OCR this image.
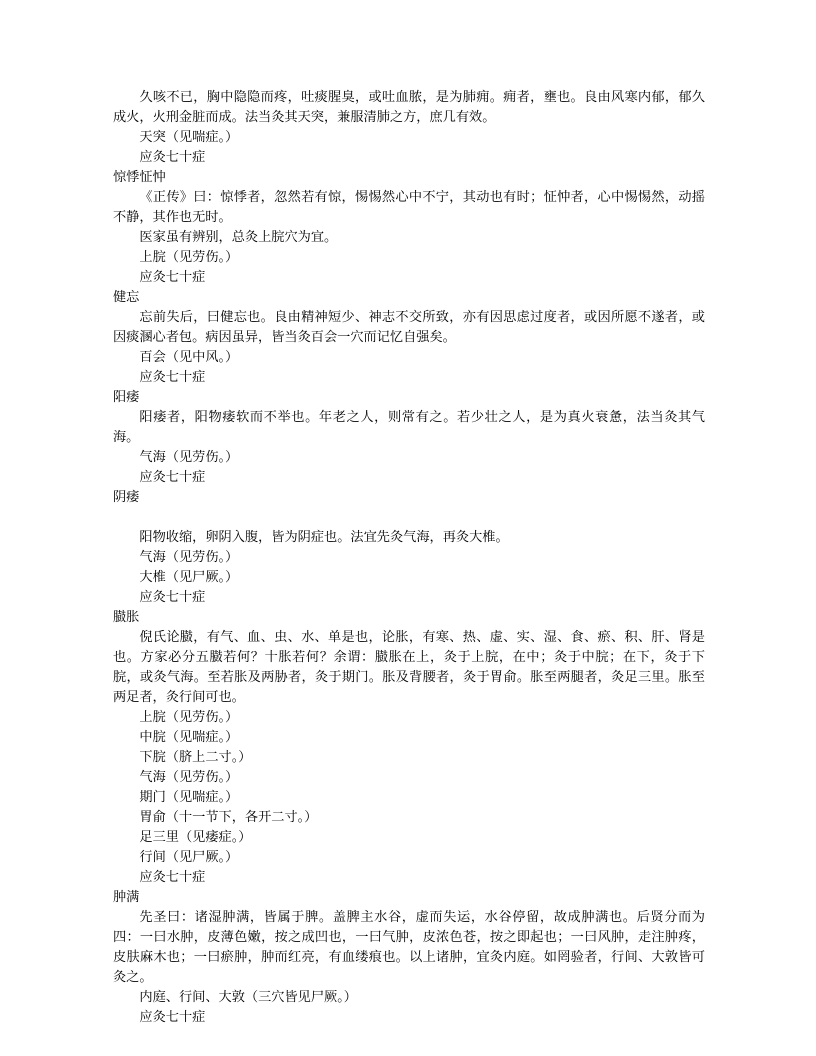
久咳不已，胸中隐隐而疼，吐痰腥臭，或吐血脓，是为肺痈。痈者，壅也。良由风寒内郁，郁久成火，火刑金脏而成。法当灸其天突，兼服清肺之方，庶几有效。
天突（见喘症。）
应灸七十症
惊悸怔忡
《正传》曰：惊悸者，忽然若有惊，惕惕然心中不宁，其动也有时；怔忡者，心中惕惕然，动摇不静，其作也无时。
医家虽有辨别，总灸上脘穴为宜。
上脘（见劳伤。）
应灸七十症
健忘
忘前失后，曰健忘也。良由精神短少、神志不交所致，亦有因思虑过度者，或因所愿不遂者，或因痰溷心者包。病因虽异，皆当灸百会一穴而记忆自强矣。
百会（见中风。）
应灸七十症
阳痿
阳痿者，阳物痿软而不举也。年老之人，则常有之。若少壮之人，是为真火衰惫，法当灸其气海。
气海（见劳伤。）
应灸七十症
阴痿
阳物收缩，卵阴入腹，皆为阴症也。法宜先灸气海，再灸大椎。
气海（见劳伤。）
大椎（见尸厥。）
应灸七十症
臌胀
倪氏论臌，有气、血、虫、水、单是也，论胀，有寒、热、虚、实、湿、食、瘀、积、肝、肾是也。方家必分五臌若何？十胀若何？余谓：臌胀在上，灸于上脘，在中；灸于中脘；在下，灸于下脘，或灸气海。至若胀及两胁者，灸于期门。胀及背腰者，灸于胃俞。胀至两腿者，灸足三里。胀至两足者，灸行间可也。
上脘（见劳伤。）
中脘（见喘症。）
下脘（脐上二寸。）
气海（见劳伤。）
期门（见喘症。）
胃俞（十一节下，各开二寸。）
足三里（见痿症。）
行间（见尸厥。）
应灸七十症
肿满
先圣曰：诸湿肿满，皆属于脾。盖脾主水谷，虚而失运，水谷停留，故成肿满也。后贤分而为四：一曰水肿，皮薄色嫩，按之成凹也，一曰气肿，皮浓色苍，按之即起也；一曰风肿，走注肿疼，皮肤麻木也；一曰瘀肿，肿而红亮，有血缕痕也。以上诸肿，宜灸内庭。如罔验者，行间、大敦皆可灸之。
内庭、行间、大敦（三穴皆见尸厥。）
应灸七十症
